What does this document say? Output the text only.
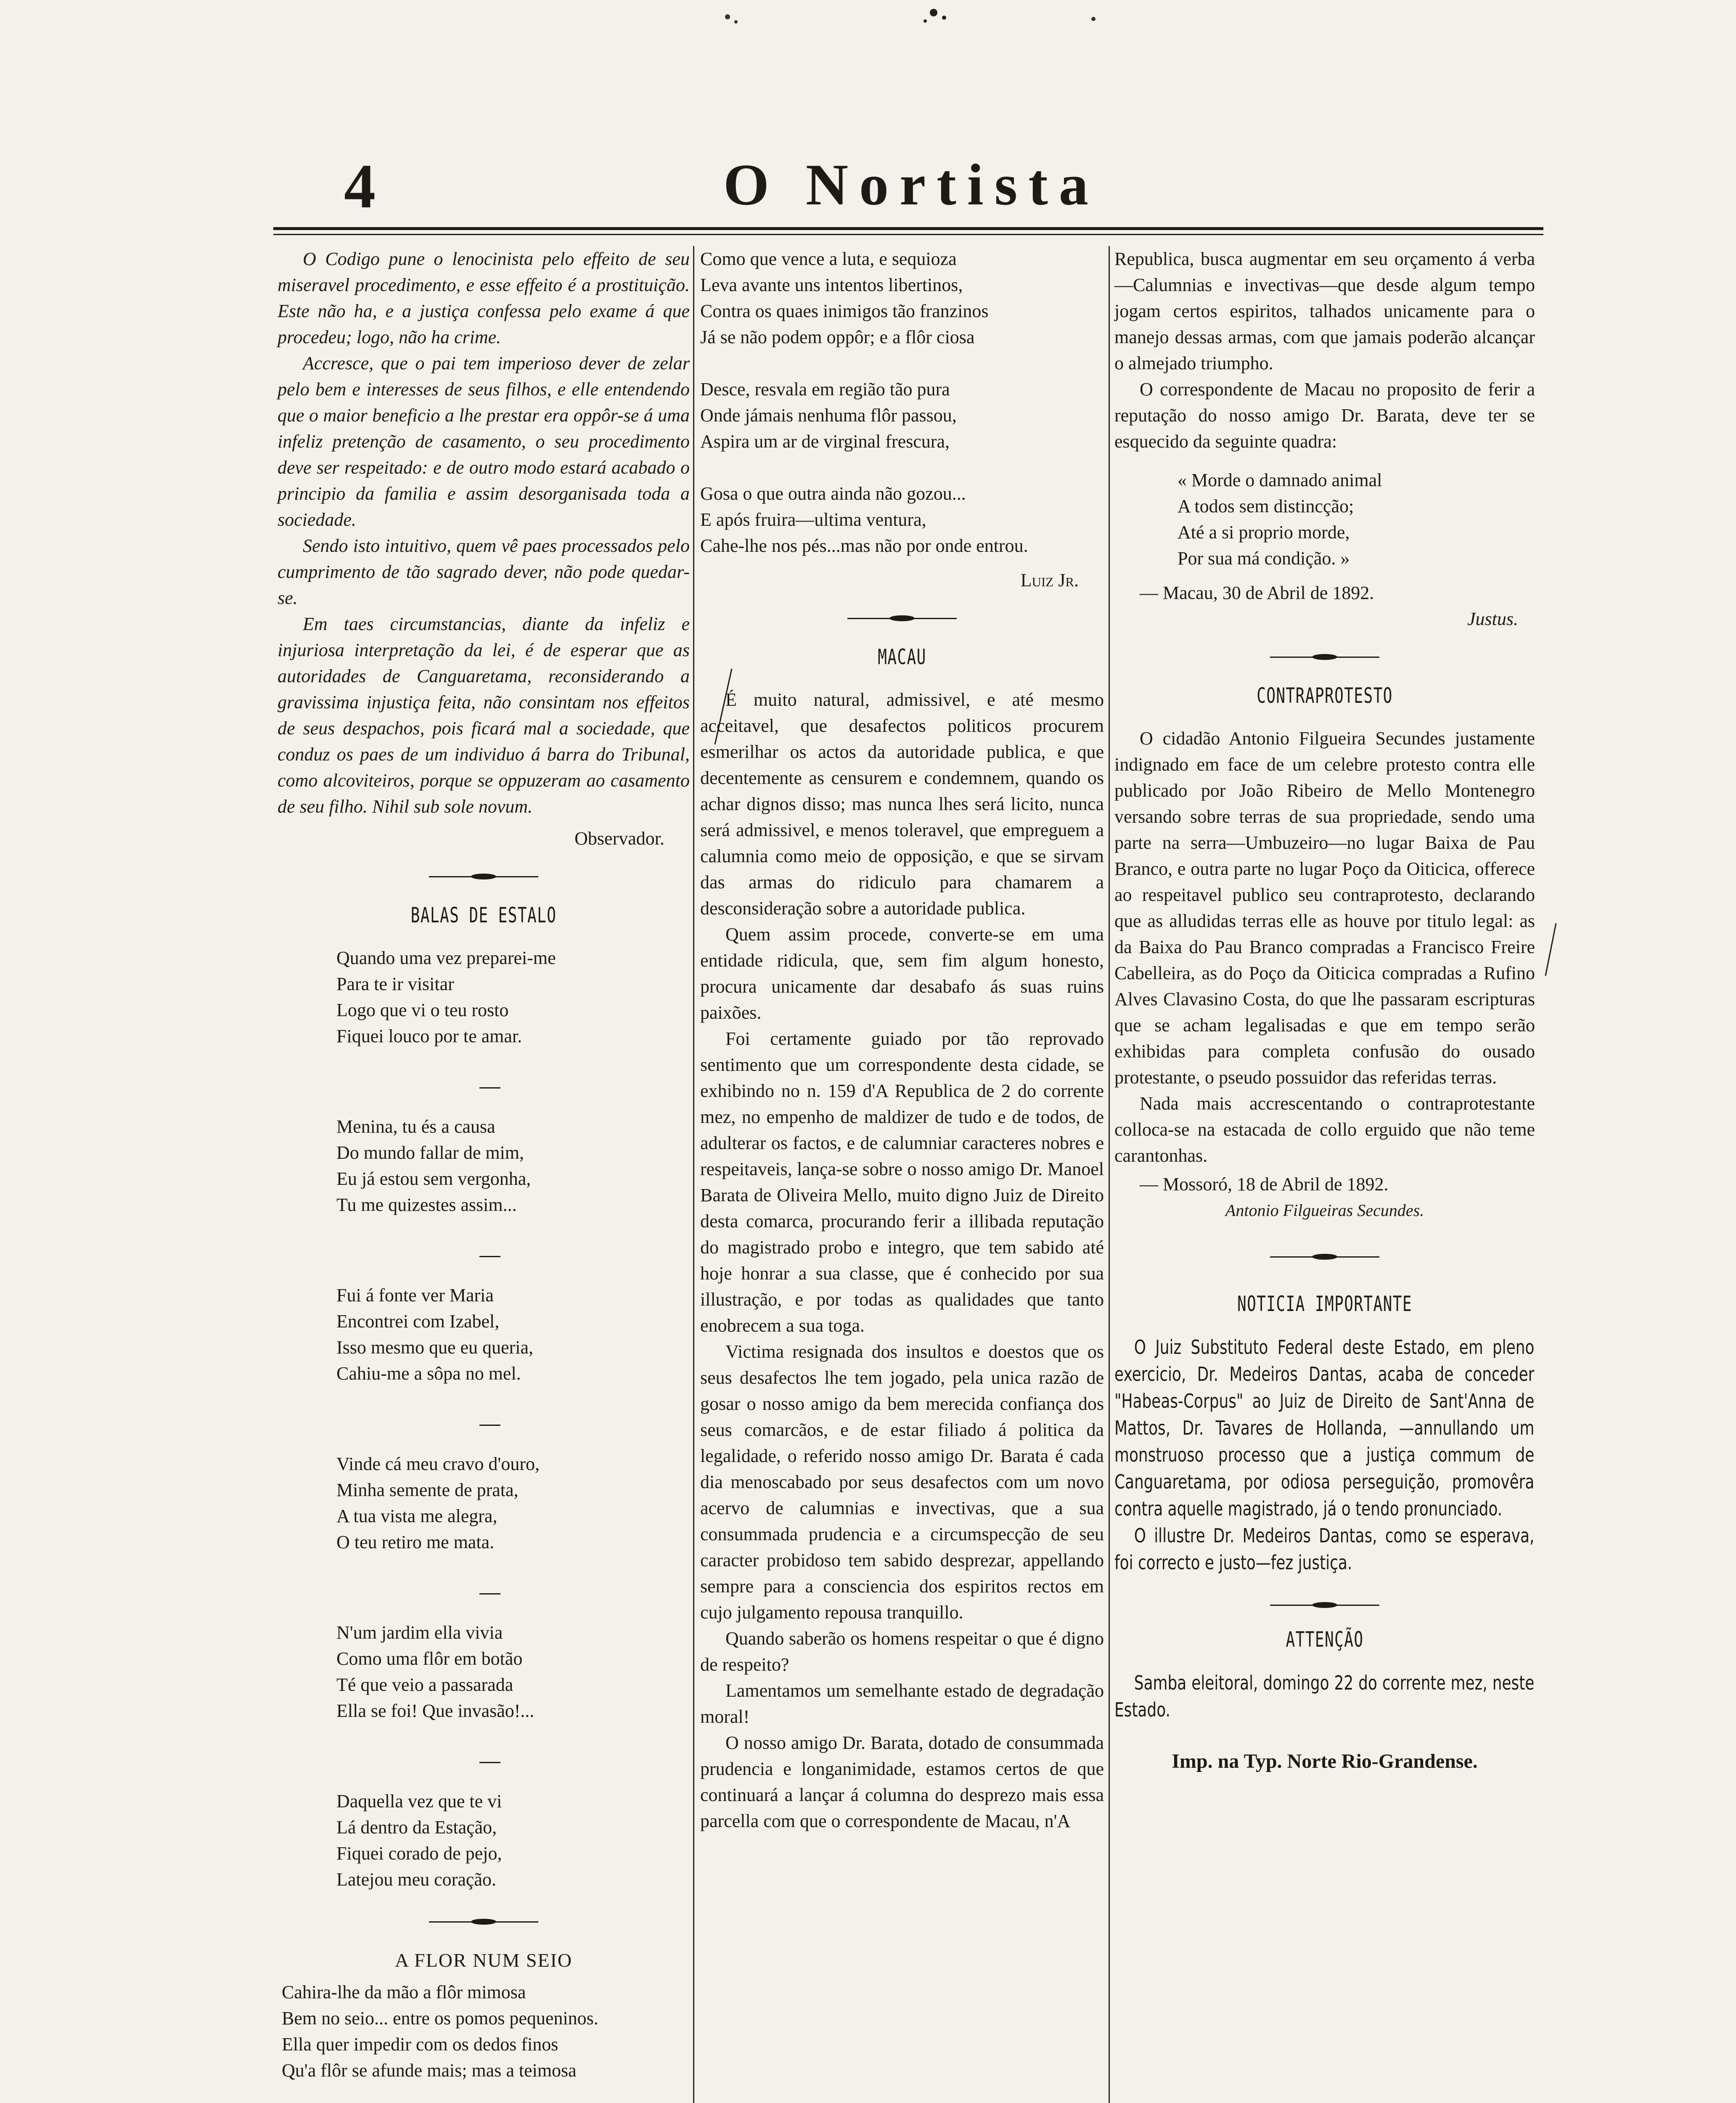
4	O Nortista

O Codigo pune o lenocinista pelo effeito de seu miseravel procedimento, e esse effeito é a prostituição. Este não ha, e a justiça confessa pelo exame á que procedeu; logo, não ha crime.

Accresce, que o pai tem imperioso dever de zelar pelo bem e interesses de seus filhos, e elle entendendo que o maior beneficio a lhe prestar era oppôr-se á uma infeliz pretenção de casamento, o seu procedimento deve ser respeitado: e de outro modo estará acabado o principio da familia e assim desorganisada toda a sociedade.

Sendo isto intuitivo, quem vê paes processados pelo cumprimento de tão sagrado dever, não pode quedar-se.

Em taes circumstancias, diante da infeliz e injuriosa interpretação da lei, é de esperar que as autoridades de Canguaretama, reconsiderando a gravissima injustiça feita, não consintam nos effeitos de seus despachos, pois ficará mal a sociedade, que conduz os paes de um individuo á barra do Tribunal, como alcoviteiros, porque se oppuzeram ao casamento de seu filho. Nihil sub sole novum.

Observador.

BALAS DE ESTALO
Quando uma vez preparei-me
Para te ir visitar
Logo que vi o teu rosto
Fiquei louco por te amar.
Menina, tu és a causa
Do mundo fallar de mim,
Eu já estou sem vergonha,
Tu me quizestes assim...
Fui á fonte ver Maria
Encontrei com Izabel,
Isso mesmo que eu queria,
Cahiu-me a sôpa no mel.
Vinde cá meu cravo d'ouro,
Minha semente de prata,
A tua vista me alegra,
O teu retiro me mata.
N'um jardim ella vivia
Como uma flôr em botão
Té que veio a passarada
Ella se foi! Que invasão!...
Daquella vez que te vi
Lá dentro da Estação,
Fiquei corado de pejo,
Latejou meu coração.
A FLOR NUM SEIO
Cahira-lhe da mão a flôr mimosa
Bem no seio... entre os pomos pequeninos.
Ella quer impedir com os dedos finos
Qu'a flôr se afunde mais; mas a teimosa
Como que vence a luta, e sequioza
Leva avante uns intentos libertinos,
Contra os quaes inimigos tão franzinos
Já se não podem oppôr; e a flôr ciosa
Desce, resvala em região tão pura
Onde jámais nenhuma flôr passou,
Aspira um ar de virginal frescura,
Gosa o que outra ainda não gozou...
E após fruira—ultima ventura,
Cahe-lhe nos pés...mas não por onde entrou.

Luiz Jr.

MACAU

É muito natural, admissivel, e até mesmo acceitavel, que desafectos politicos procurem esmerilhar os actos da autoridade publica, e que decentemente as censurem e condemnem, quando os achar dignos disso; mas nunca lhes será licito, nunca será admissivel, e menos toleravel, que empreguem a calumnia como meio de opposição, e que se sirvam das armas do ridiculo para chamarem a desconsideração sobre a autoridade publica.

Quem assim procede, converte-se em uma entidade ridicula, que, sem fim algum honesto, procura unicamente dar desabafo ás suas ruins paixões.

Foi certamente guiado por tão reprovado sentimento que um correspondente desta cidade, se exhibindo no n. 159 d'A Republica de 2 do corrente mez, no empenho de maldizer de tudo e de todos, de adulterar os factos, e de calumniar caracteres nobres e respeitaveis, lança-se sobre o nosso amigo Dr. Manoel Barata de Oliveira Mello, muito digno Juiz de Direito desta comarca, procurando ferir a illibada reputação do magistrado probo e integro, que tem sabido até hoje honrar a sua classe, que é conhecido por sua illustração, e por todas as qualidades que tanto enobrecem a sua toga.

Victima resignada dos insultos e doestos que os seus desafectos lhe tem jogado, pela unica razão de gosar o nosso amigo da bem merecida confiança dos seus comarcãos, e de estar filiado á politica da legalidade, o referido nosso amigo Dr. Barata é cada dia menoscabado por seus desafectos com um novo acervo de calumnias e invectivas, que a sua consummada prudencia e a circumspecção de seu caracter probidoso tem sabido desprezar, appellando sempre para a consciencia dos espiritos rectos em cujo julgamento repousa tranquillo.

Quando saberão os homens respeitar o que é digno de respeito?

Lamentamos um semelhante estado de degradação moral!

O nosso amigo Dr. Barata, dotado de consummada prudencia e longanimidade, estamos certos de que continuará a lançar á columna do desprezo mais essa parcella com que o correspondente de Macau, n'A

Republica, busca augmentar em seu orçamento á verba—Calumnias e invectivas—que desde algum tempo jogam certos espiritos, talhados unicamente para o manejo dessas armas, com que jamais poderão alcançar o almejado triumpho.

O correspondente de Macau no proposito de ferir a reputação do nosso amigo Dr. Barata, deve ter se esquecido da seguinte quadra:

« Morde o damnado animal
A todos sem distincção;
Até a si proprio morde,
Por sua má condição. »

— Macau, 30 de Abril de 1892.

Justus.

CONTRAPROTESTO

O cidadão Antonio Filgueira Secundes justamente indignado em face de um celebre protesto contra elle publicado por João Ribeiro de Mello Montenegro versando sobre terras de sua propriedade, sendo uma parte na serra—Umbuzeiro—no lugar Baixa de Pau Branco, e outra parte no lugar Poço da Oiticica, offerece ao respeitavel publico seu contraprotesto, declarando que as alludidas terras elle as houve por titulo legal: as da Baixa do Pau Branco compradas a Francisco Freire Cabelleira, as do Poço da Oiticica compradas a Rufino Alves Clavasino Costa, do que lhe passaram escripturas que se acham legalisadas e que em tempo serão exhibidas para completa confusão do ousado protestante, o pseudo possuidor das referidas terras.

Nada mais accrescentando o contraprotestante colloca-se na estacada de collo erguido que não teme carantonhas.

— Mossoró, 18 de Abril de 1892.

Antonio Filgueiras Secundes.

NOTICIA IMPORTANTE

O Juiz Substituto Federal deste Estado, em pleno exercicio, Dr. Medeiros Dantas, acaba de conceder "Habeas-Corpus" ao Juiz de Direito de Sant'Anna de Mattos, Dr. Tavares de Hollanda, —annullando um monstruoso processo que a justiça commum de Canguaretama, por odiosa perseguição, promovêra contra aquelle magistrado, já o tendo pronunciado.

O illustre Dr. Medeiros Dantas, como se esperava, foi correcto e justo—fez justiça.

ATTENÇÃO

Samba eleitoral, domingo 22 do corrente mez, neste Estado.

Imp. na Typ. Norte Rio-Grandense.
